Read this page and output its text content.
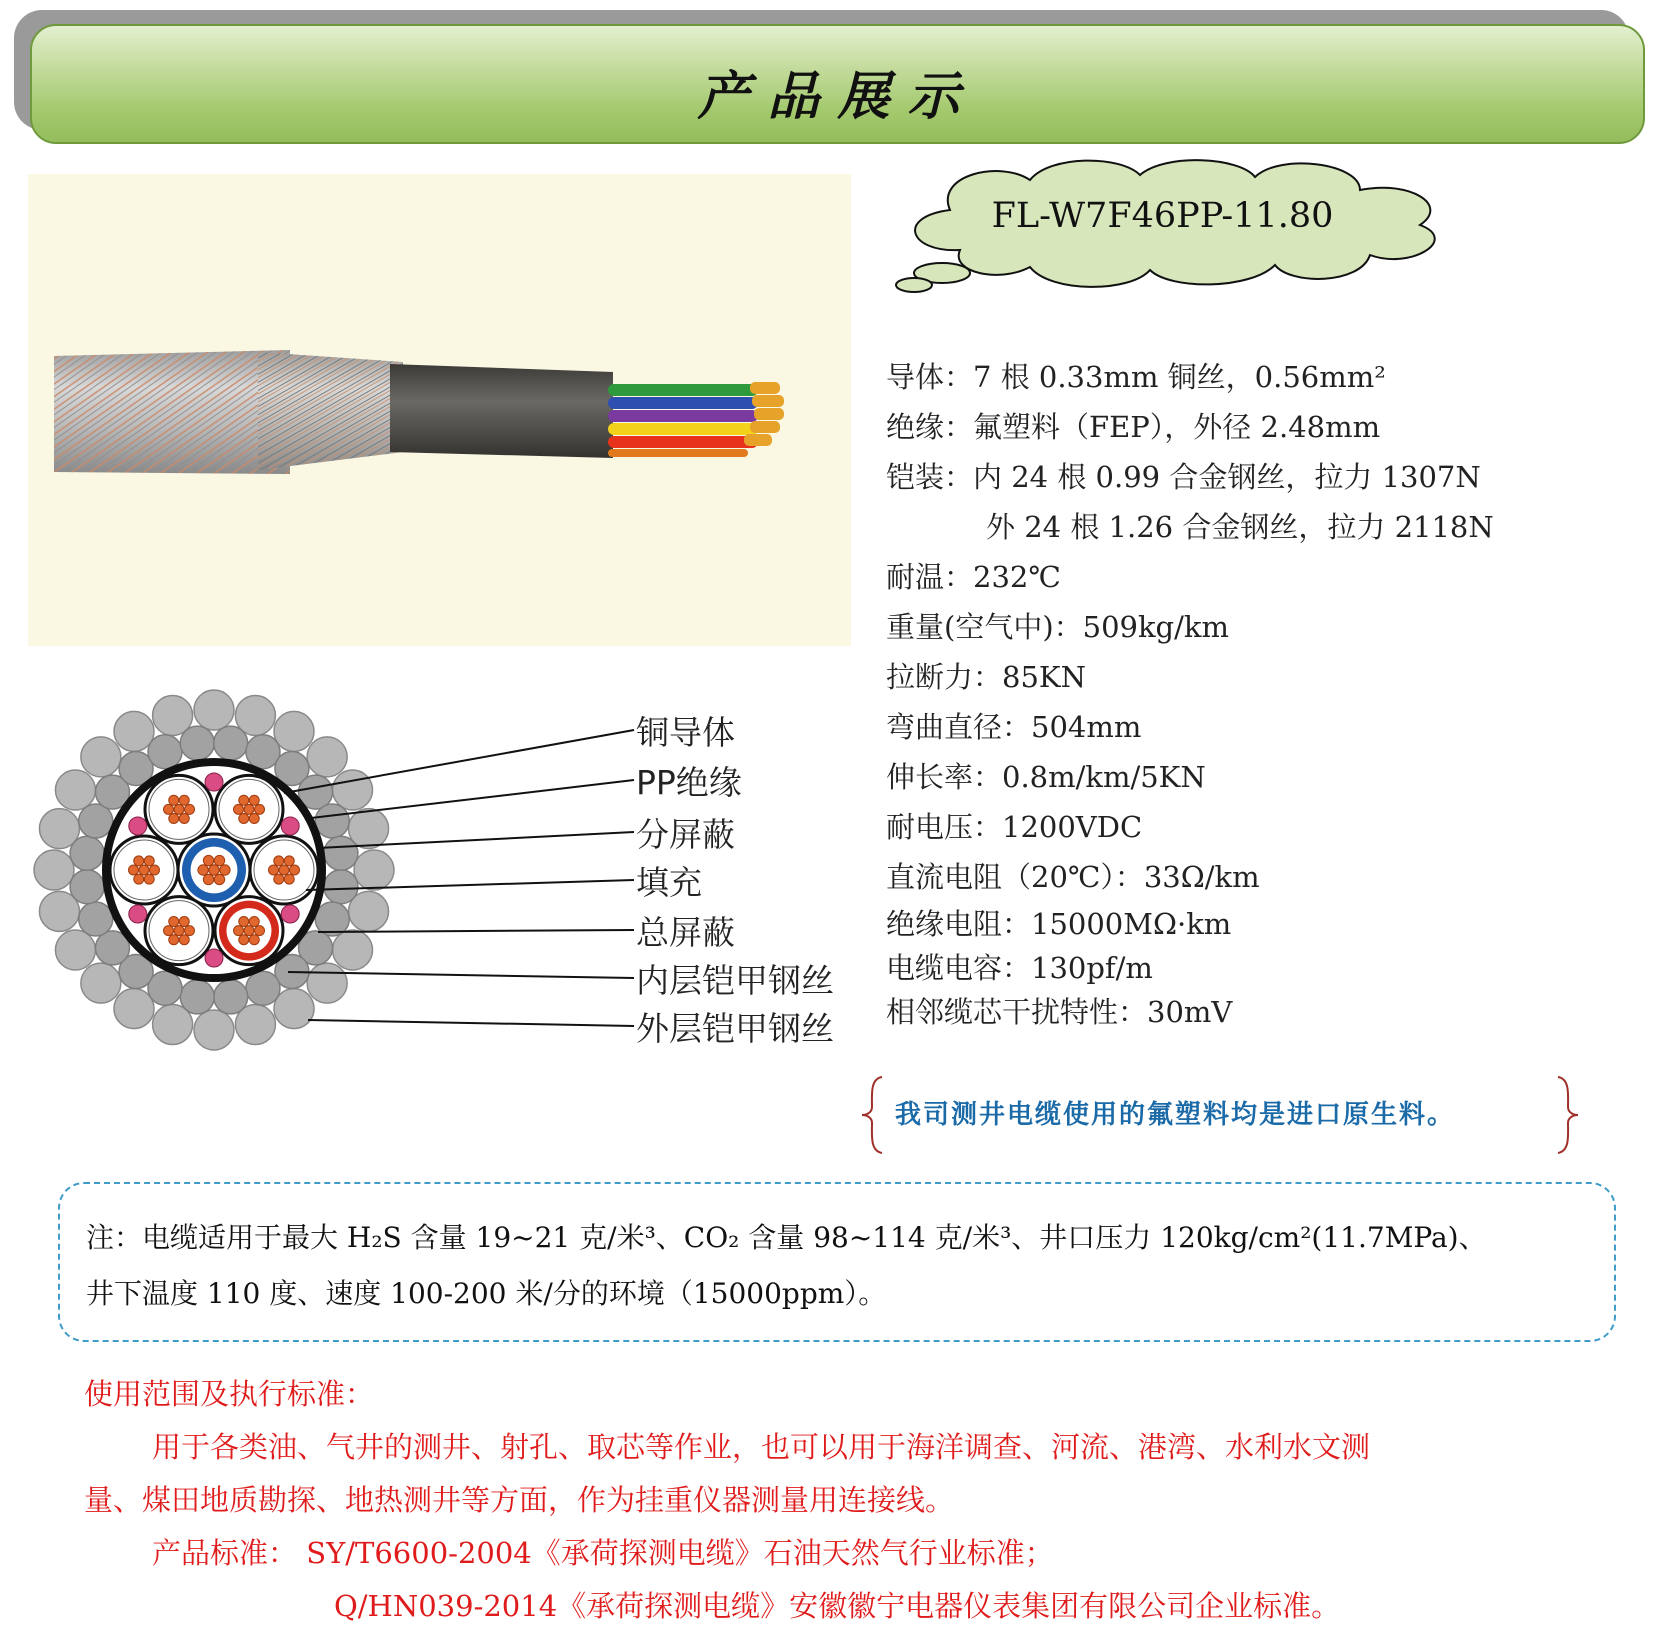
产品展示
FL-W7F46PP-11.80
导体：7 根 0.33mm 铜丝，0.56mm²
绝缘：氟塑料（FEP），外径 2.48mm
铠装：内 24 根 0.99 合金钢丝，拉力 1307N
外 24 根 1.26 合金钢丝，拉力 2118N
耐温：232℃
重量(空气中)：509kg/km
拉断力：85KN
弯曲直径：504mm
伸长率：0.8m/km/5KN
耐电压：1200VDC
直流电阻（20℃）：33Ω/km
绝缘电阻：15000MΩ·km
电缆电容：130pf/m
相邻缆芯干扰特性：30mV
铜导体
PP绝缘
分屏蔽
填充
总屏蔽
内层铠甲钢丝
外层铠甲钢丝
我司测井电缆使用的氟塑料均是进口原生料。
注：电缆适用于最大 H₂S 含量 19~21 克/米³、CO₂ 含量 98~114 克/米³、井口压力 120kg/cm²(11.7MPa)、
井下温度 110 度、速度 100-200 米/分的环境（15000ppm）。
使用范围及执行标准：
用于各类油、气井的测井、射孔、取芯等作业，也可以用于海洋调查、河流、港湾、水利水文测
量、煤田地质勘探、地热测井等方面，作为挂重仪器测量用连接线。
产品标准： SY/T6600-2004《承荷探测电缆》石油天然气行业标准；
Q/HN039-2014《承荷探测电缆》安徽徽宁电器仪表集团有限公司企业标准。
